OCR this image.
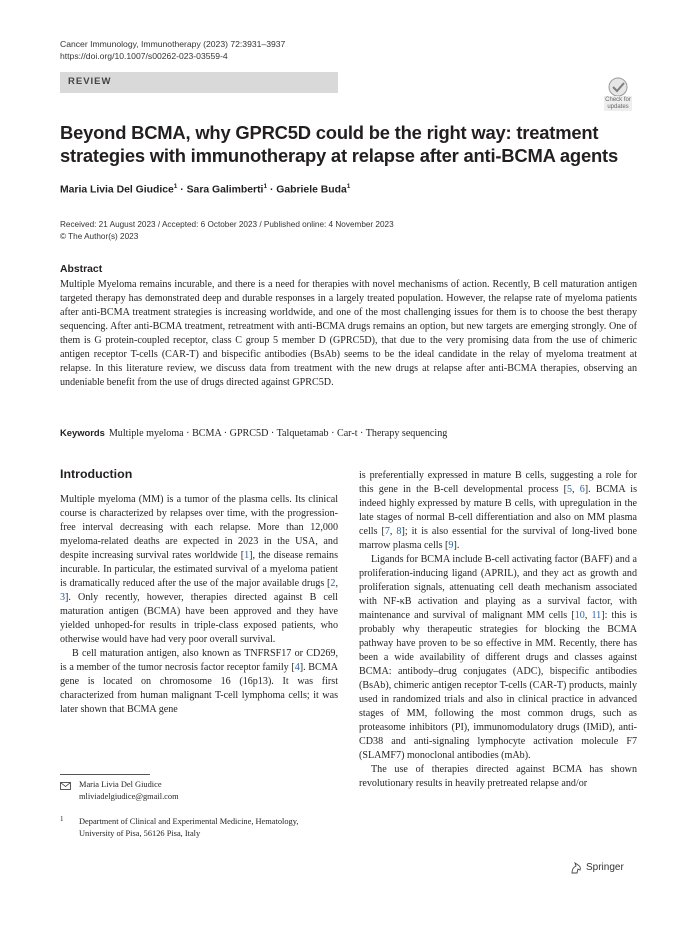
Cancer Immunology, Immunotherapy (2023) 72:3931–3937
https://doi.org/10.1007/s00262-023-03559-4
REVIEW
Check for
updates
Beyond BCMA, why GPRC5D could be the right way: treatment strategies with immunotherapy at relapse after anti-BCMA agents
Maria Livia Del Giudice$^1$ · Sara Galimberti$^1$ · Gabriele Buda$^1$
Received: 21 August 2023 / Accepted: 6 October 2023 / Published online: 4 November 2023
© The Author(s) 2023
Abstract

Multiple Myeloma remains incurable, and there is a need for therapies with novel mechanisms of action. Recently, B cell maturation antigen targeted therapy has demonstrated deep and durable responses in a largely treated population. However, the relapse rate of myeloma patients after anti-BCMA treatment strategies is increasing worldwide, and one of the most challenging issues for them is to choose the best therapy sequencing. After anti-BCMA treatment, retreatment with anti-BCMA drugs remains an option, but new targets are emerging strongly. One of them is G protein-coupled receptor, class C group 5 member D (GPRC5D), that due to the very promising data from the use of chimeric antigen receptor T-cells (CAR-T) and bispecific antibodies (BsAb) seems to be the ideal candidate in the relay of myeloma treatment at relapse. In this literature review, we discuss data from treatment with the new drugs at relapse after anti-BCMA therapies, observing an undeniable benefit from the use of drugs directed against GPRC5D.

Keywords Multiple myeloma · BCMA · GPRC5D · Talquetamab · Car-t · Therapy sequencing
Introduction

Multiple myeloma (MM) is a tumor of the plasma cells. Its clinical course is characterized by relapses over time, with the progression-free interval decreasing with each relapse. More than 12,000 myeloma-related deaths are expected in 2023 in the USA, and despite increasing survival rates worldwide [1], the disease remains incurable. In particular, the estimated survival of a myeloma patient is dramatically reduced after the use of the major available drugs [2, 3]. Only recently, however, therapies directed against B cell maturation antigen (BCMA) have been approved and they have yielded unhoped-for results in triple-class exposed patients, who otherwise would have had very poor overall survival.

B cell maturation antigen, also known as TNFRSF17 or CD269, is a member of the tumor necrosis factor receptor family [4]. BCMA gene is located on chromosome 16 (16p13). It was first characterized from human malignant T-cell lymphoma cells; it was later shown that BCMA gene

is preferentially expressed in mature B cells, suggesting a role for this gene in the B-cell developmental process [5, 6]. BCMA is indeed highly expressed by mature B cells, with upregulation in the late stages of normal B-cell differentiation and also on MM plasma cells [7, 8]; it is also essential for the survival of long-lived bone marrow plasma cells [9].

Ligands for BCMA include B-cell activating factor (BAFF) and a proliferation-inducing ligand (APRIL), and they act as growth and proliferation signals, attenuating cell death mechanism associated with NF-κB activation and playing as a survival factor, with maintenance and survival of malignant MM cells [10, 11]: this is probably why therapeutic strategies for blocking the BCMA pathway have proven to be so effective in MM. Recently, there has been a wide availability of different drugs and classes against BCMA: antibody–drug conjugates (ADC), bispecific antibodies (BsAb), chimeric antigen receptor T-cells (CAR-T) products, mainly used in randomized trials and also in clinical practice in advanced stages of MM, following the most common drugs, such as proteasome inhibitors (PI), immunomodulatory drugs (IMiD), anti-CD38 and anti-signaling lymphocyte activation molecule F7 (SLAMF7) monoclonal antibodies (mAb).

The use of therapies directed against BCMA has shown revolutionary results in heavily pretreated relapse and/or

Maria Livia Del Giudice
mliviadelgiudice@gmail.com
1 Department of Clinical and Experimental Medicine, Hematology, University of Pisa, 56126 Pisa, Italy
Springer
